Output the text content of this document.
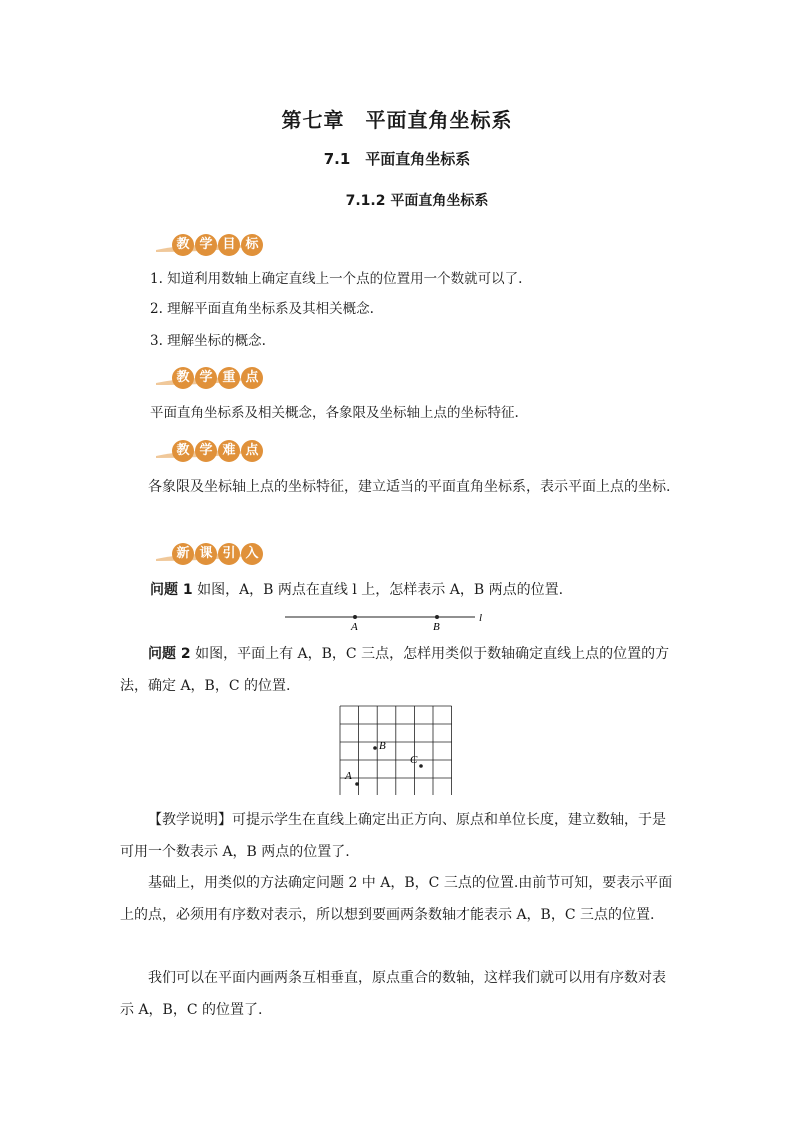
第七章　平面直角坐标系
7.1　平面直角坐标系
7.1.2 平面直角坐标系
教 学 目 标
1. 知道利用数轴上确定直线上一个点的位置用一个数就可以了.
2. 理解平面直角坐标系及其相关概念.
3. 理解坐标的概念.
教 学 重 点
平面直角坐标系及相关概念，各象限及坐标轴上点的坐标特征.
教 学 难 点
各象限及坐标轴上点的坐标特征，建立适当的平面直角坐标系，表示平面上点的坐标.
新 课 引 入
问题 1 如图，A，B 两点在直线 l 上，怎样表示 A，B 两点的位置.
A	B
l
问题 2 如图，平面上有 A，B，C 三点，怎样用类似于数轴确定直线上点的位置的方法，确定 A，B，C 的位置.
B
C
A
【教学说明】可提示学生在直线上确定出正方向、原点和单位长度，建立数轴，于是可用一个数表示 A，B 两点的位置了.
基础上，用类似的方法确定问题 2 中 A，B，C 三点的位置.由前节可知，要表示平面上的点，必须用有序数对表示，所以想到要画两条数轴才能表示 A，B，C 三点的位置.
我们可以在平面内画两条互相垂直，原点重合的数轴，这样我们就可以用有序数对表示 A，B，C 的位置了.
